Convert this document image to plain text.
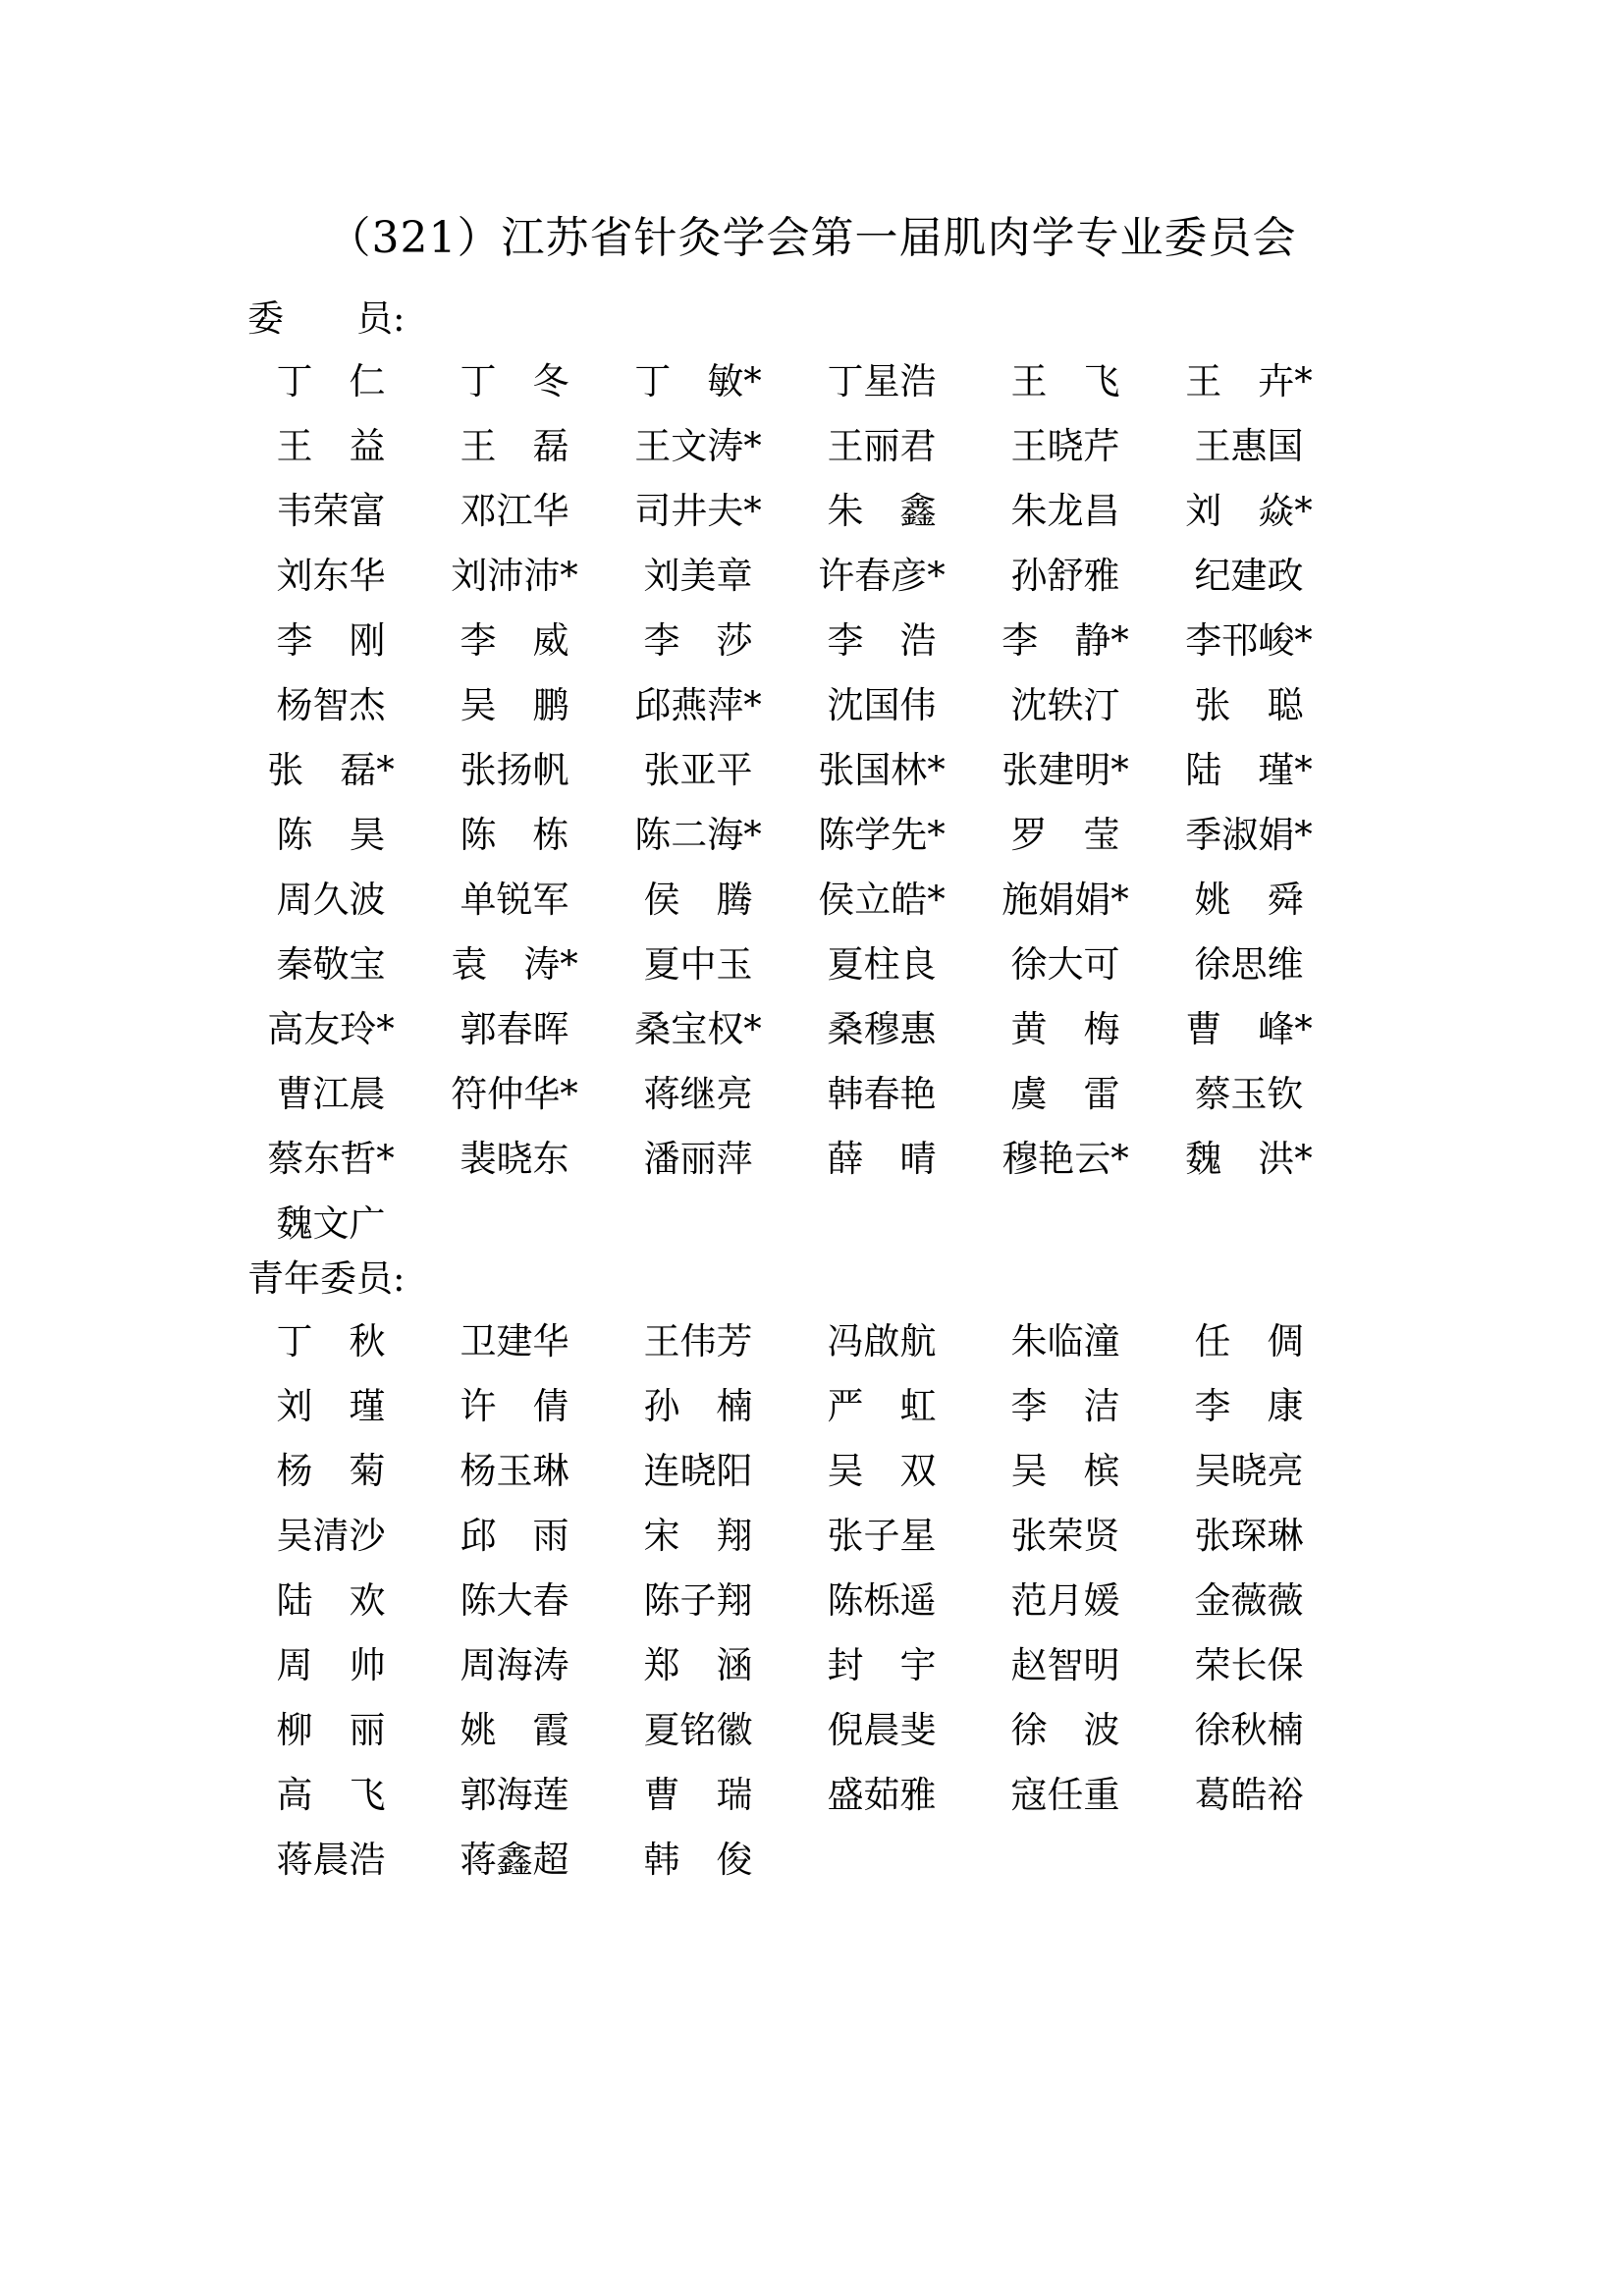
（321）江苏省针灸学会第一届肌肉学专业委员会
委　　员:
丁　仁	丁　冬	丁　敏*	丁星浩	王　飞	王　卉*
王　益	王　磊	王文涛*	王丽君	王晓芹	王惠国
韦荣富	邓江华	司井夫*	朱　鑫	朱龙昌	刘　焱*
刘东华	刘沛沛*	刘美章	许春彦*	孙舒雅	纪建政
李　刚	李　威	李　莎	李　浩	李　静* 李邗峻*
杨智杰	吴　鹏	邱燕萍*	沈国伟	沈轶汀	张　聪
张　磊*	张扬帆	张亚平	张国林* 张建明* 陆　瑾*
陈　昊	陈　栋	陈二海* 陈学先*	罗　莹	季淑娟*
周久波	单锐军	侯　腾	侯立皓* 施娟娟*	姚　舜
秦敬宝	袁　涛*	夏中玉	夏柱良	徐大可	徐思维
高友玲*	郭春晖	桑宝权*	桑穆惠	黄　梅	曹　峰*
曹江晨	符仲华*	蒋继亮	韩春艳	虞　雷	蔡玉钦
蔡东哲*	裴晓东	潘丽萍	薛　晴	穆艳云* 魏　洪*
魏文广
青年委员:
丁　秋	卫建华	王伟芳	冯啟航	朱临潼	任　倜
刘　瑾	许　倩	孙　楠	严　虹	李　洁	李　康
杨　菊	杨玉琳	连晓阳	吴　双	吴　槟	吴晓亮
吴清沙	邱　雨	宋　翔	张子星	张荣贤	张琛琳
陆　欢	陈大春	陈子翔	陈栎遥	范月媛	金薇薇
周　帅	周海涛	郑　涵	封　宇	赵智明	荣长保
柳　丽	姚　霞	夏铭徽	倪晨斐	徐　波	徐秋楠
高　飞	郭海莲	曹　瑞	盛茹雅	寇任重	葛皓裕
蒋晨浩	蒋鑫超	韩　俊
